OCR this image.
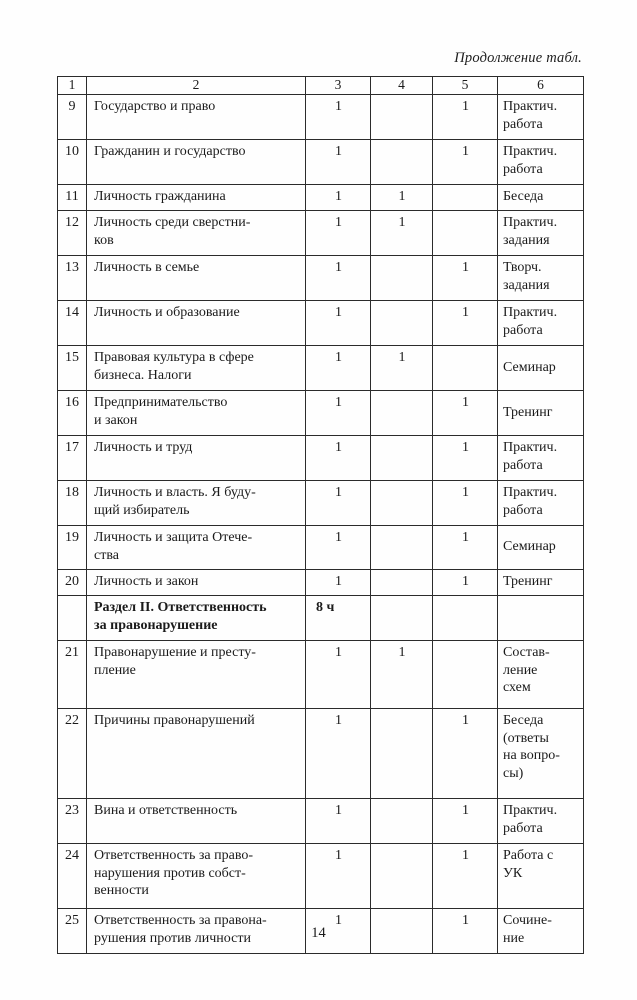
Продолжение табл.
1	2	3	4	5	6

9	Государство и право	1		1	Практич.
работа

10	Гражданин и государство	1		1	Практич.
работа

11	Личность гражданина	1	1		Беседа

12	Личность среди сверстни-
ков	1	1		Практич.
задания

13	Личность в семье	1		1	Творч.
задания

14	Личность и образование	1		1	Практич.
работа

15	Правовая культура в сфере
бизнеса. Налоги	1	1		Семинар

16	Предпринимательство
и закон	1		1	Тренинг

17	Личность и труд	1		1	Практич.
работа

18	Личность и власть. Я буду-
щий избиратель	1		1	Практич.
работа

19	Личность и защита Отече-
ства	1		1	Семинар

20	Личность и закон	1		1	Тренинг

	Раздел II. Ответственность
за правонарушение	8 ч			

21	Правонарушение и престу-
пление	1	1		Состав-
ление
схем

22	Причины правонарушений	1		1	Беседа
(ответы
на вопро-
сы)

23	Вина и ответственность	1		1	Практич.
работа

24	Ответственность за право-
нарушения против собст-
венности	1		1	Работа с
УК

25	Ответственность за правона-
рушения против личности	1		1	Сочине-
ние
14
